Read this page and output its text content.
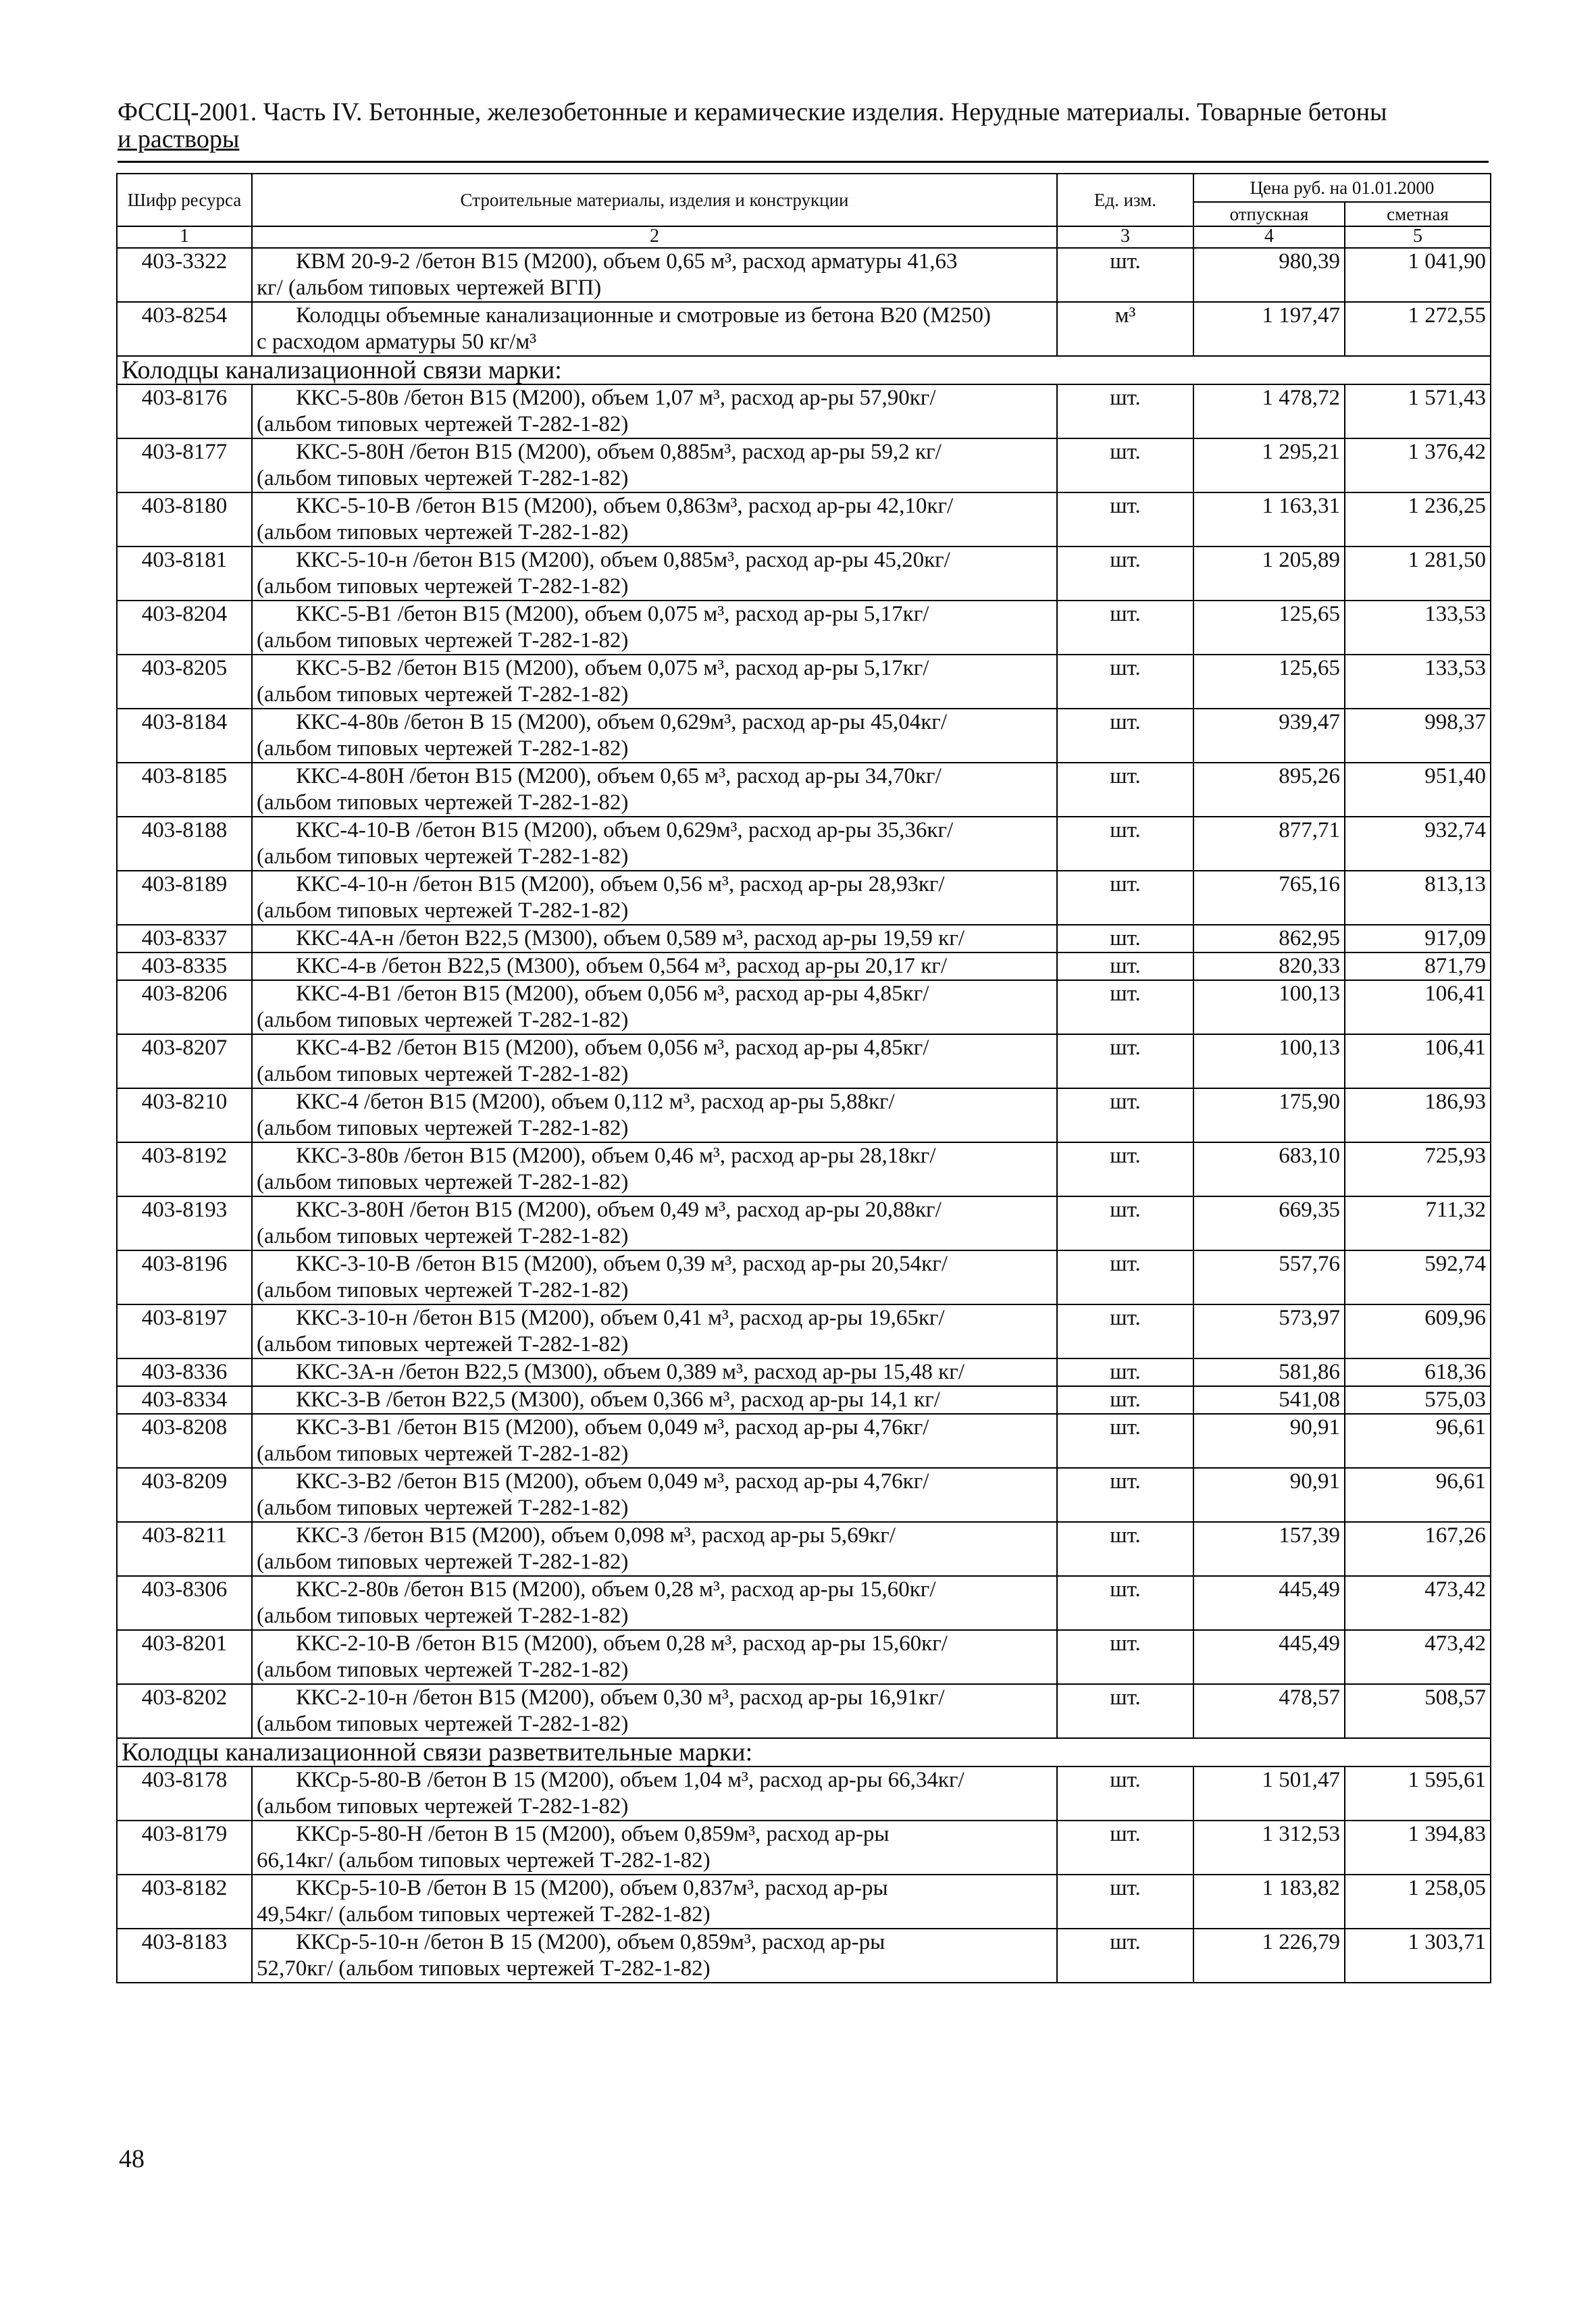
ФССЦ-2001. Часть IV. Бетонные, железобетонные и керамические изделия. Нерудные материалы. Товарные бетоны
и растворы
Шифр ресурса	Строительные материалы, изделия и конструкции	Ед. изм.	Цена руб. на 01.01.2000	
			отпускная	сметная
1	2	3	4	5
403-3322	КВМ 20-9-2 /бетон В15 (М200), объем 0,65 м³, расход арматуры 41,63
кг/ (альбом типовых чертежей ВГП)	шт.	980,39	1 041,90
403-8254	Колодцы объемные канализационные и смотровые из бетона В20 (М250)
с расходом арматуры 50 кг/м³	м³	1 197,47	1 272,55
Колодцы канализационной связи марки:				
403-8176	ККС-5-80в /бетон В15 (М200), объем 1,07 м³, расход ар-ры 57,90кг/
(альбом типовых чертежей Т-282-1-82)	шт.	1 478,72	1 571,43
403-8177	ККС-5-80Н /бетон В15 (М200), объем 0,885м³, расход ар-ры 59,2 кг/
(альбом типовых чертежей Т-282-1-82)	шт.	1 295,21	1 376,42
403-8180	ККС-5-10-В /бетон В15 (М200), объем 0,863м³, расход ар-ры 42,10кг/
(альбом типовых чертежей Т-282-1-82)	шт.	1 163,31	1 236,25
403-8181	ККС-5-10-н /бетон В15 (М200), объем 0,885м³, расход ар-ры 45,20кг/
(альбом типовых чертежей Т-282-1-82)	шт.	1 205,89	1 281,50
403-8204	ККС-5-В1 /бетон В15 (М200), объем 0,075 м³, расход ар-ры 5,17кг/
(альбом типовых чертежей Т-282-1-82)	шт.	125,65	133,53
403-8205	ККС-5-В2 /бетон В15 (М200), объем 0,075 м³, расход ар-ры 5,17кг/
(альбом типовых чертежей Т-282-1-82)	шт.	125,65	133,53
403-8184	ККС-4-80в /бетон В 15 (М200), объем 0,629м³, расход ар-ры 45,04кг/
(альбом типовых чертежей Т-282-1-82)	шт.	939,47	998,37
403-8185	ККС-4-80Н /бетон В15 (М200), объем 0,65 м³, расход ар-ры 34,70кг/
(альбом типовых чертежей Т-282-1-82)	шт.	895,26	951,40
403-8188	ККС-4-10-В /бетон В15 (М200), объем 0,629м³, расход ар-ры 35,36кг/
(альбом типовых чертежей Т-282-1-82)	шт.	877,71	932,74
403-8189	ККС-4-10-н /бетон В15 (М200), объем 0,56 м³, расход ар-ры 28,93кг/
(альбом типовых чертежей Т-282-1-82)	шт.	765,16	813,13
403-8337	ККС-4А-н /бетон В22,5 (М300), объем 0,589 м³, расход ар-ры 19,59 кг/	шт.	862,95	917,09
403-8335	ККС-4-в /бетон В22,5 (М300), объем 0,564 м³, расход ар-ры 20,17 кг/	шт.	820,33	871,79
403-8206	ККС-4-В1 /бетон В15 (М200), объем 0,056 м³, расход ар-ры 4,85кг/
(альбом типовых чертежей Т-282-1-82)	шт.	100,13	106,41
403-8207	ККС-4-В2 /бетон В15 (М200), объем 0,056 м³, расход ар-ры 4,85кг/
(альбом типовых чертежей Т-282-1-82)	шт.	100,13	106,41
403-8210	ККС-4 /бетон В15 (М200), объем 0,112 м³, расход ар-ры 5,88кг/
(альбом типовых чертежей Т-282-1-82)	шт.	175,90	186,93
403-8192	ККС-3-80в /бетон В15 (М200), объем 0,46 м³, расход ар-ры 28,18кг/
(альбом типовых чертежей Т-282-1-82)	шт.	683,10	725,93
403-8193	ККС-3-80Н /бетон В15 (М200), объем 0,49 м³, расход ар-ры 20,88кг/
(альбом типовых чертежей Т-282-1-82)	шт.	669,35	711,32
403-8196	ККС-3-10-В /бетон В15 (М200), объем 0,39 м³, расход ар-ры 20,54кг/
(альбом типовых чертежей Т-282-1-82)	шт.	557,76	592,74
403-8197	ККС-3-10-н /бетон В15 (М200), объем 0,41 м³, расход ар-ры 19,65кг/
(альбом типовых чертежей Т-282-1-82)	шт.	573,97	609,96
403-8336	ККС-3А-н /бетон В22,5 (М300), объем 0,389 м³, расход ар-ры 15,48 кг/	шт.	581,86	618,36
403-8334	ККС-3-В /бетон В22,5 (М300), объем 0,366 м³, расход ар-ры 14,1 кг/	шт.	541,08	575,03
403-8208	ККС-3-В1 /бетон В15 (М200), объем 0,049 м³, расход ар-ры 4,76кг/
(альбом типовых чертежей Т-282-1-82)	шт.	90,91	96,61
403-8209	ККС-3-В2 /бетон В15 (М200), объем 0,049 м³, расход ар-ры 4,76кг/
(альбом типовых чертежей Т-282-1-82)	шт.	90,91	96,61
403-8211	ККС-3 /бетон В15 (М200), объем 0,098 м³, расход ар-ры 5,69кг/
(альбом типовых чертежей Т-282-1-82)	шт.	157,39	167,26
403-8306	ККС-2-80в /бетон В15 (М200), объем 0,28 м³, расход ар-ры 15,60кг/
(альбом типовых чертежей Т-282-1-82)	шт.	445,49	473,42
403-8201	ККС-2-10-В /бетон В15 (М200), объем 0,28 м³, расход ар-ры 15,60кг/
(альбом типовых чертежей Т-282-1-82)	шт.	445,49	473,42
403-8202	ККС-2-10-н /бетон В15 (М200), объем 0,30 м³, расход ар-ры 16,91кг/
(альбом типовых чертежей Т-282-1-82)	шт.	478,57	508,57
Колодцы канализационной связи разветвительные марки:				
403-8178	ККСр-5-80-В /бетон В 15 (М200), объем 1,04 м³, расход ар-ры 66,34кг/
(альбом типовых чертежей Т-282-1-82)	шт.	1 501,47	1 595,61
403-8179	ККСр-5-80-Н /бетон В 15 (М200), объем 0,859м³, расход ар-ры
66,14кг/ (альбом типовых чертежей Т-282-1-82)	шт.	1 312,53	1 394,83
403-8182	ККСр-5-10-В /бетон В 15 (М200), объем 0,837м³, расход ар-ры
49,54кг/ (альбом типовых чертежей Т-282-1-82)	шт.	1 183,82	1 258,05
403-8183	ККСр-5-10-н /бетон В 15 (М200), объем 0,859м³, расход ар-ры
52,70кг/ (альбом типовых чертежей Т-282-1-82)	шт.	1 226,79	1 303,71
48
